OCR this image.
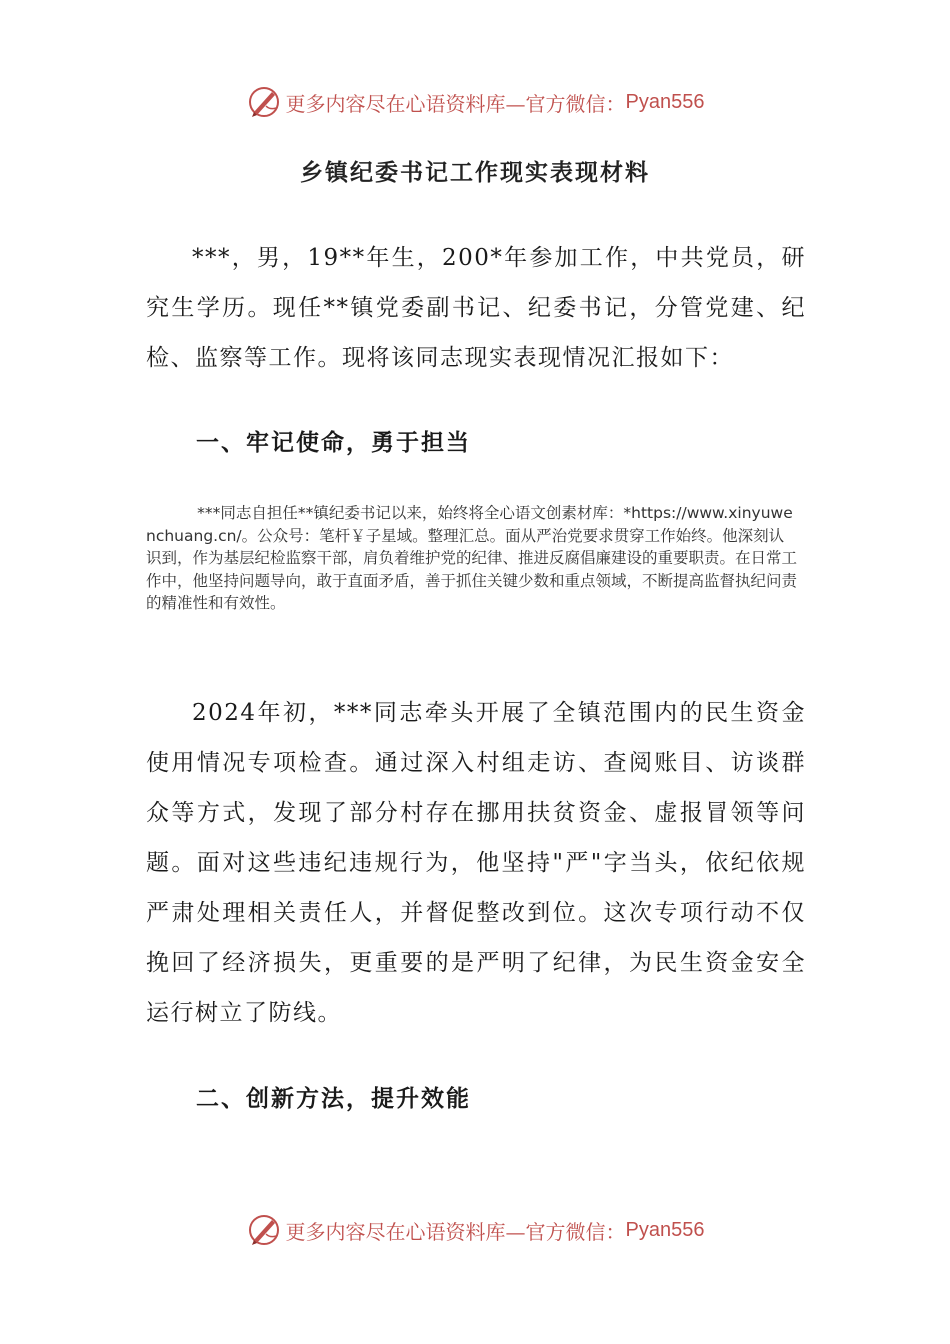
更多内容尽在心语资料库—官方微信： Pyan556
乡镇纪委书记工作现实表现材料

***，男，19**年生，200*年参加工作，中共党员，研究生学历。现任**镇党委副书记、纪委书记，分管党建、纪检、监察等工作。现将该同志现实表现情况汇报如下：

一、牢记使命，勇于担当

***同志自担任**镇纪委书记以来，始终将全心语文创素材库：*https://www.xinyuwenchuang.cn/。公众号：笔杆￥子星域。整理汇总。面从严治党要求贯穿工作始终。他深刻认识到，作为基层纪检监察干部，肩负着维护党的纪律、推进反腐倡廉建设的重要职责。在日常工作中，他坚持问题导向，敢于直面矛盾，善于抓住关键少数和重点领域，不断提高监督执纪问责的精准性和有效性。

2024年初，***同志牵头开展了全镇范围内的民生资金使用情况专项检查。通过深入村组走访、查阅账目、访谈群众等方式，发现了部分村存在挪用扶贫资金、虚报冒领等问题。面对这些违纪违规行为，他坚持"严"字当头，依纪依规严肃处理相关责任人，并督促整改到位。这次专项行动不仅挽回了经济损失，更重要的是严明了纪律，为民生资金安全运行树立了防线。

二、创新方法，提升效能

更多内容尽在心语资料库—官方微信： Pyan556
